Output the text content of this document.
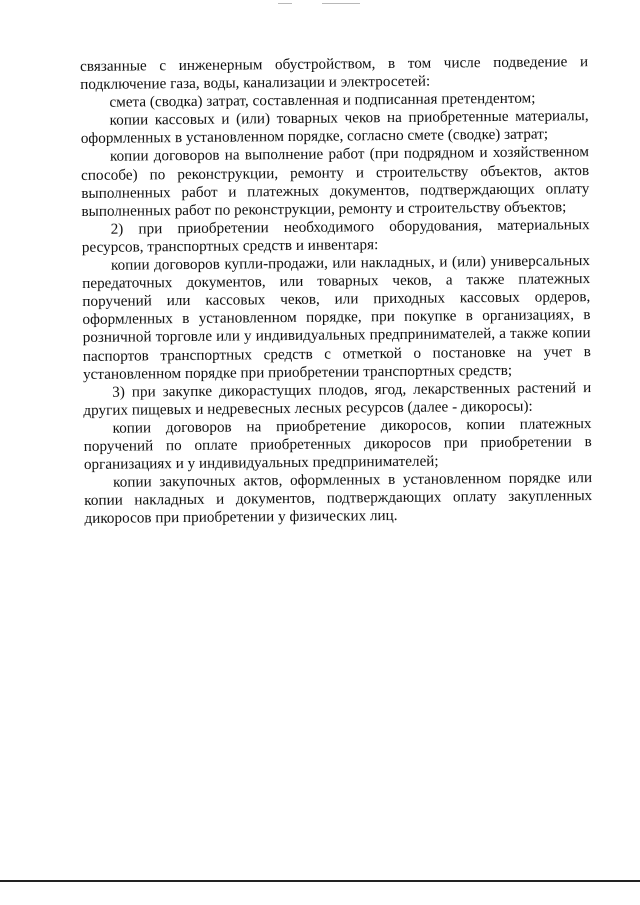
связанные с инженерным обустройством, в том числе подведение и подключение газа, воды, канализации и электросетей:

смета (сводка) затрат, составленная и подписанная претендентом;

копии кассовых и (или) товарных чеков на приобретенные материалы, оформленных в установленном порядке, согласно смете (сводке) затрат;

копии договоров на выполнение работ (при подрядном и хозяйственном способе) по реконструкции, ремонту и строительству объектов, актов выполненных работ и платежных документов, подтверждающих оплату выполненных работ по реконструкции, ремонту и строительству объектов;

2) при приобретении необходимого оборудования, материальных ресурсов, транспортных средств и инвентаря:

копии договоров купли-продажи, или накладных, и (или) универсальных передаточных документов, или товарных чеков, а также платежных поручений или кассовых чеков, или приходных кассовых ордеров, оформленных в установленном порядке, при покупке в организациях, в розничной торговле или у индивидуальных предпринимателей, а также копии паспортов транспортных средств с отметкой о постановке на учет в установленном порядке при приобретении транспортных средств;

3) при закупке дикорастущих плодов, ягод, лекарственных растений и других пищевых и недревесных лесных ресурсов (далее - дикоросы):

копии договоров на приобретение дикоросов, копии платежных поручений по оплате приобретенных дикоросов при приобретении в организациях и у индивидуальных предпринимателей;

копии закупочных актов, оформленных в установленном порядке или копии накладных и документов, подтверждающих оплату закупленных дикоросов при приобретении у физических лиц.
